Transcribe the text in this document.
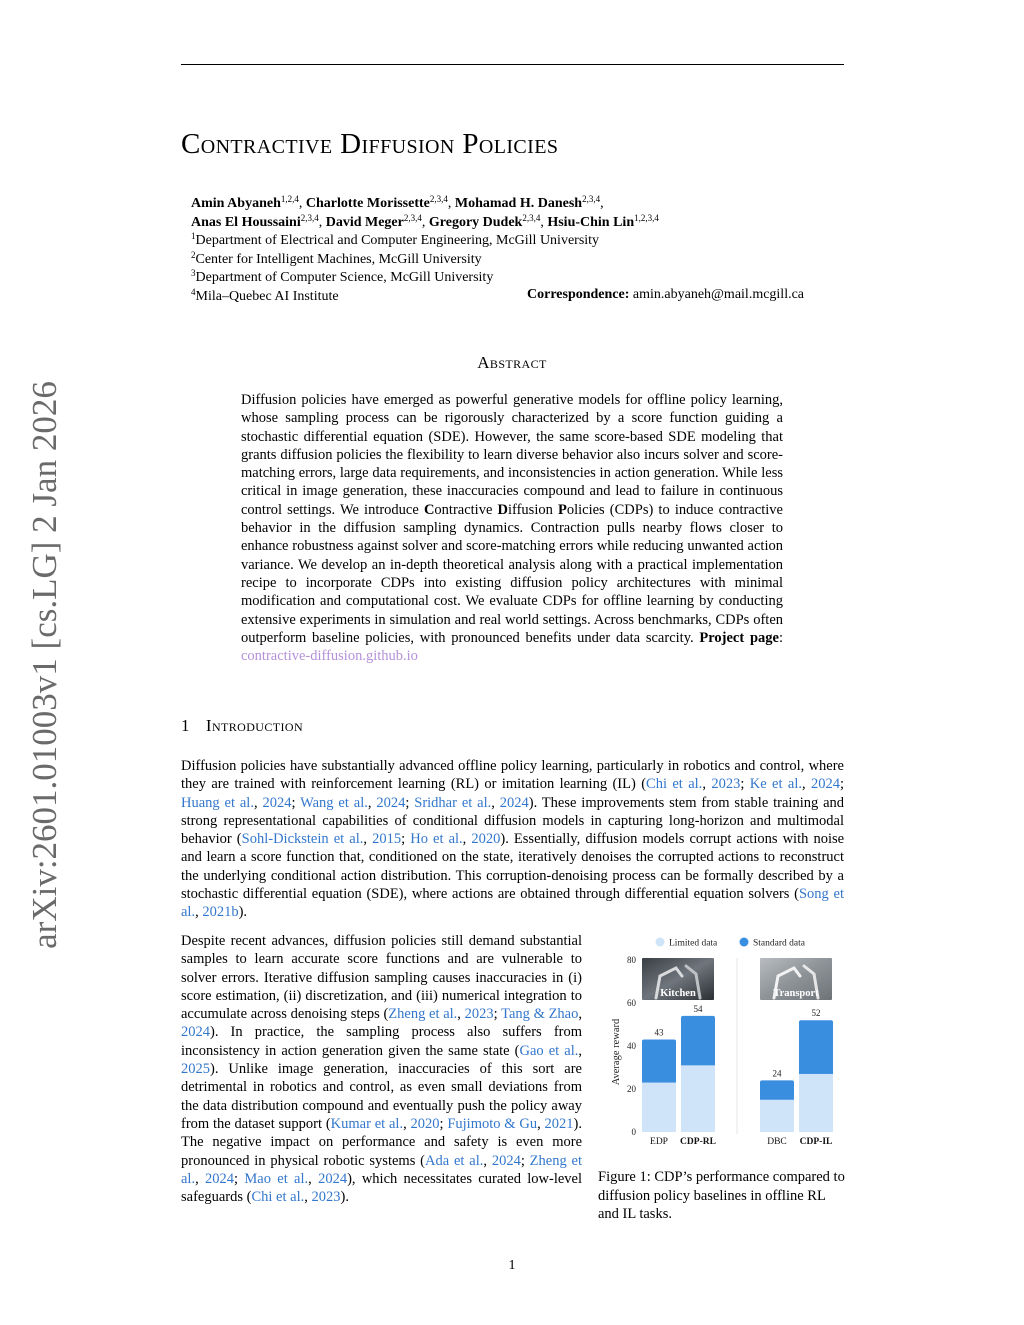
arXiv:2601.01003v1 [cs.LG] 2 Jan 2026
Contractive Diffusion Policies
Amin Abyaneh$^{1,2,4}$, Charlotte Morissette$^{2,3,4}$, Mohamad H. Danesh$^{2,3,4}$,
Anas El Houssaini$^{2,3,4}$, David Meger$^{2,3,4}$, Gregory Dudek$^{2,3,4}$, Hsiu-Chin Lin$^{1,2,3,4}$
$^1$Department of Electrical and Computer Engineering, McGill University
$^2$Center for Intelligent Machines, McGill University
$^3$Department of Computer Science, McGill University
$^4$Mila–Quebec AI Institute	Correspondence: amin.abyaneh@mail.mcgill.ca
Abstract
Diffusion policies have emerged as powerful generative models for offline policy learning, whose sampling process can be rigorously characterized by a score function guiding a stochastic differential equation (SDE). However, the same score-based SDE modeling that grants diffusion policies the flexibility to learn diverse behavior also incurs solver and score-matching errors, large data requirements, and inconsistencies in action generation. While less critical in image generation, these inaccuracies compound and lead to failure in continuous control settings. We introduce Contractive Diffusion Policies (CDPs) to induce contractive behavior in the diffusion sampling dynamics. Contraction pulls nearby flows closer to enhance robustness against solver and score-matching errors while reducing unwanted action variance. We develop an in-depth theoretical analysis along with a practical implementation recipe to incorporate CDPs into existing diffusion policy architectures with minimal modification and computational cost. We evaluate CDPs for offline learning by conducting extensive experiments in simulation and real world settings. Across benchmarks, CDPs often outperform baseline policies, with pronounced benefits under data scarcity. Project page: contractive-diffusion.github.io
1 Introduction
Diffusion policies have substantially advanced offline policy learning, particularly in robotics and control, where they are trained with reinforcement learning (RL) or imitation learning (IL) (Chi et al., 2023; Ke et al., 2024; Huang et al., 2024; Wang et al., 2024; Sridhar et al., 2024). These improvements stem from stable training and strong representational capabilities of conditional diffusion models in capturing long-horizon and multimodal behavior (Sohl-Dickstein et al., 2015; Ho et al., 2020). Essentially, diffusion models corrupt actions with noise and learn a score function that, conditioned on the state, iteratively denoises the corrupted actions to reconstruct the underlying conditional action distribution. This corruption-denoising process can be formally described by a stochastic differential equation (SDE), where actions are obtained through differential equation solvers (Song et al., 2021b).
Despite recent advances, diffusion policies still demand substantial samples to learn accurate score functions and are vulnerable to solver errors. Iterative diffusion sampling causes inaccuracies in (i) score estimation, (ii) discretization, and (iii) numerical integration to accumulate across denoising steps (Zheng et al., 2023; Tang & Zhao, 2024). In practice, the sampling process also suffers from inconsistency in action generation given the same state (Gao et al., 2025). Unlike image generation, inaccuracies of this sort are detrimental in robotics and control, as even small deviations from the data distribution compound and eventually push the policy away from the dataset support (Kumar et al., 2020; Fujimoto & Gu, 2021). The negative impact on performance and safety is even more pronounced in physical robotic systems (Ada et al., 2024; Zheng et al., 2024; Mao et al., 2024), which necessitates curated low-level safeguards (Chi et al., 2023).
Limited data	Standard data
Kitchen	Transport
0
20
40
60
80
Average reward	43
54
24
52
EDP CDP-RL	DBC CDP-IL
Figure 1: CDP’s performance compared to diffusion policy baselines in offline RL and IL tasks.
1
